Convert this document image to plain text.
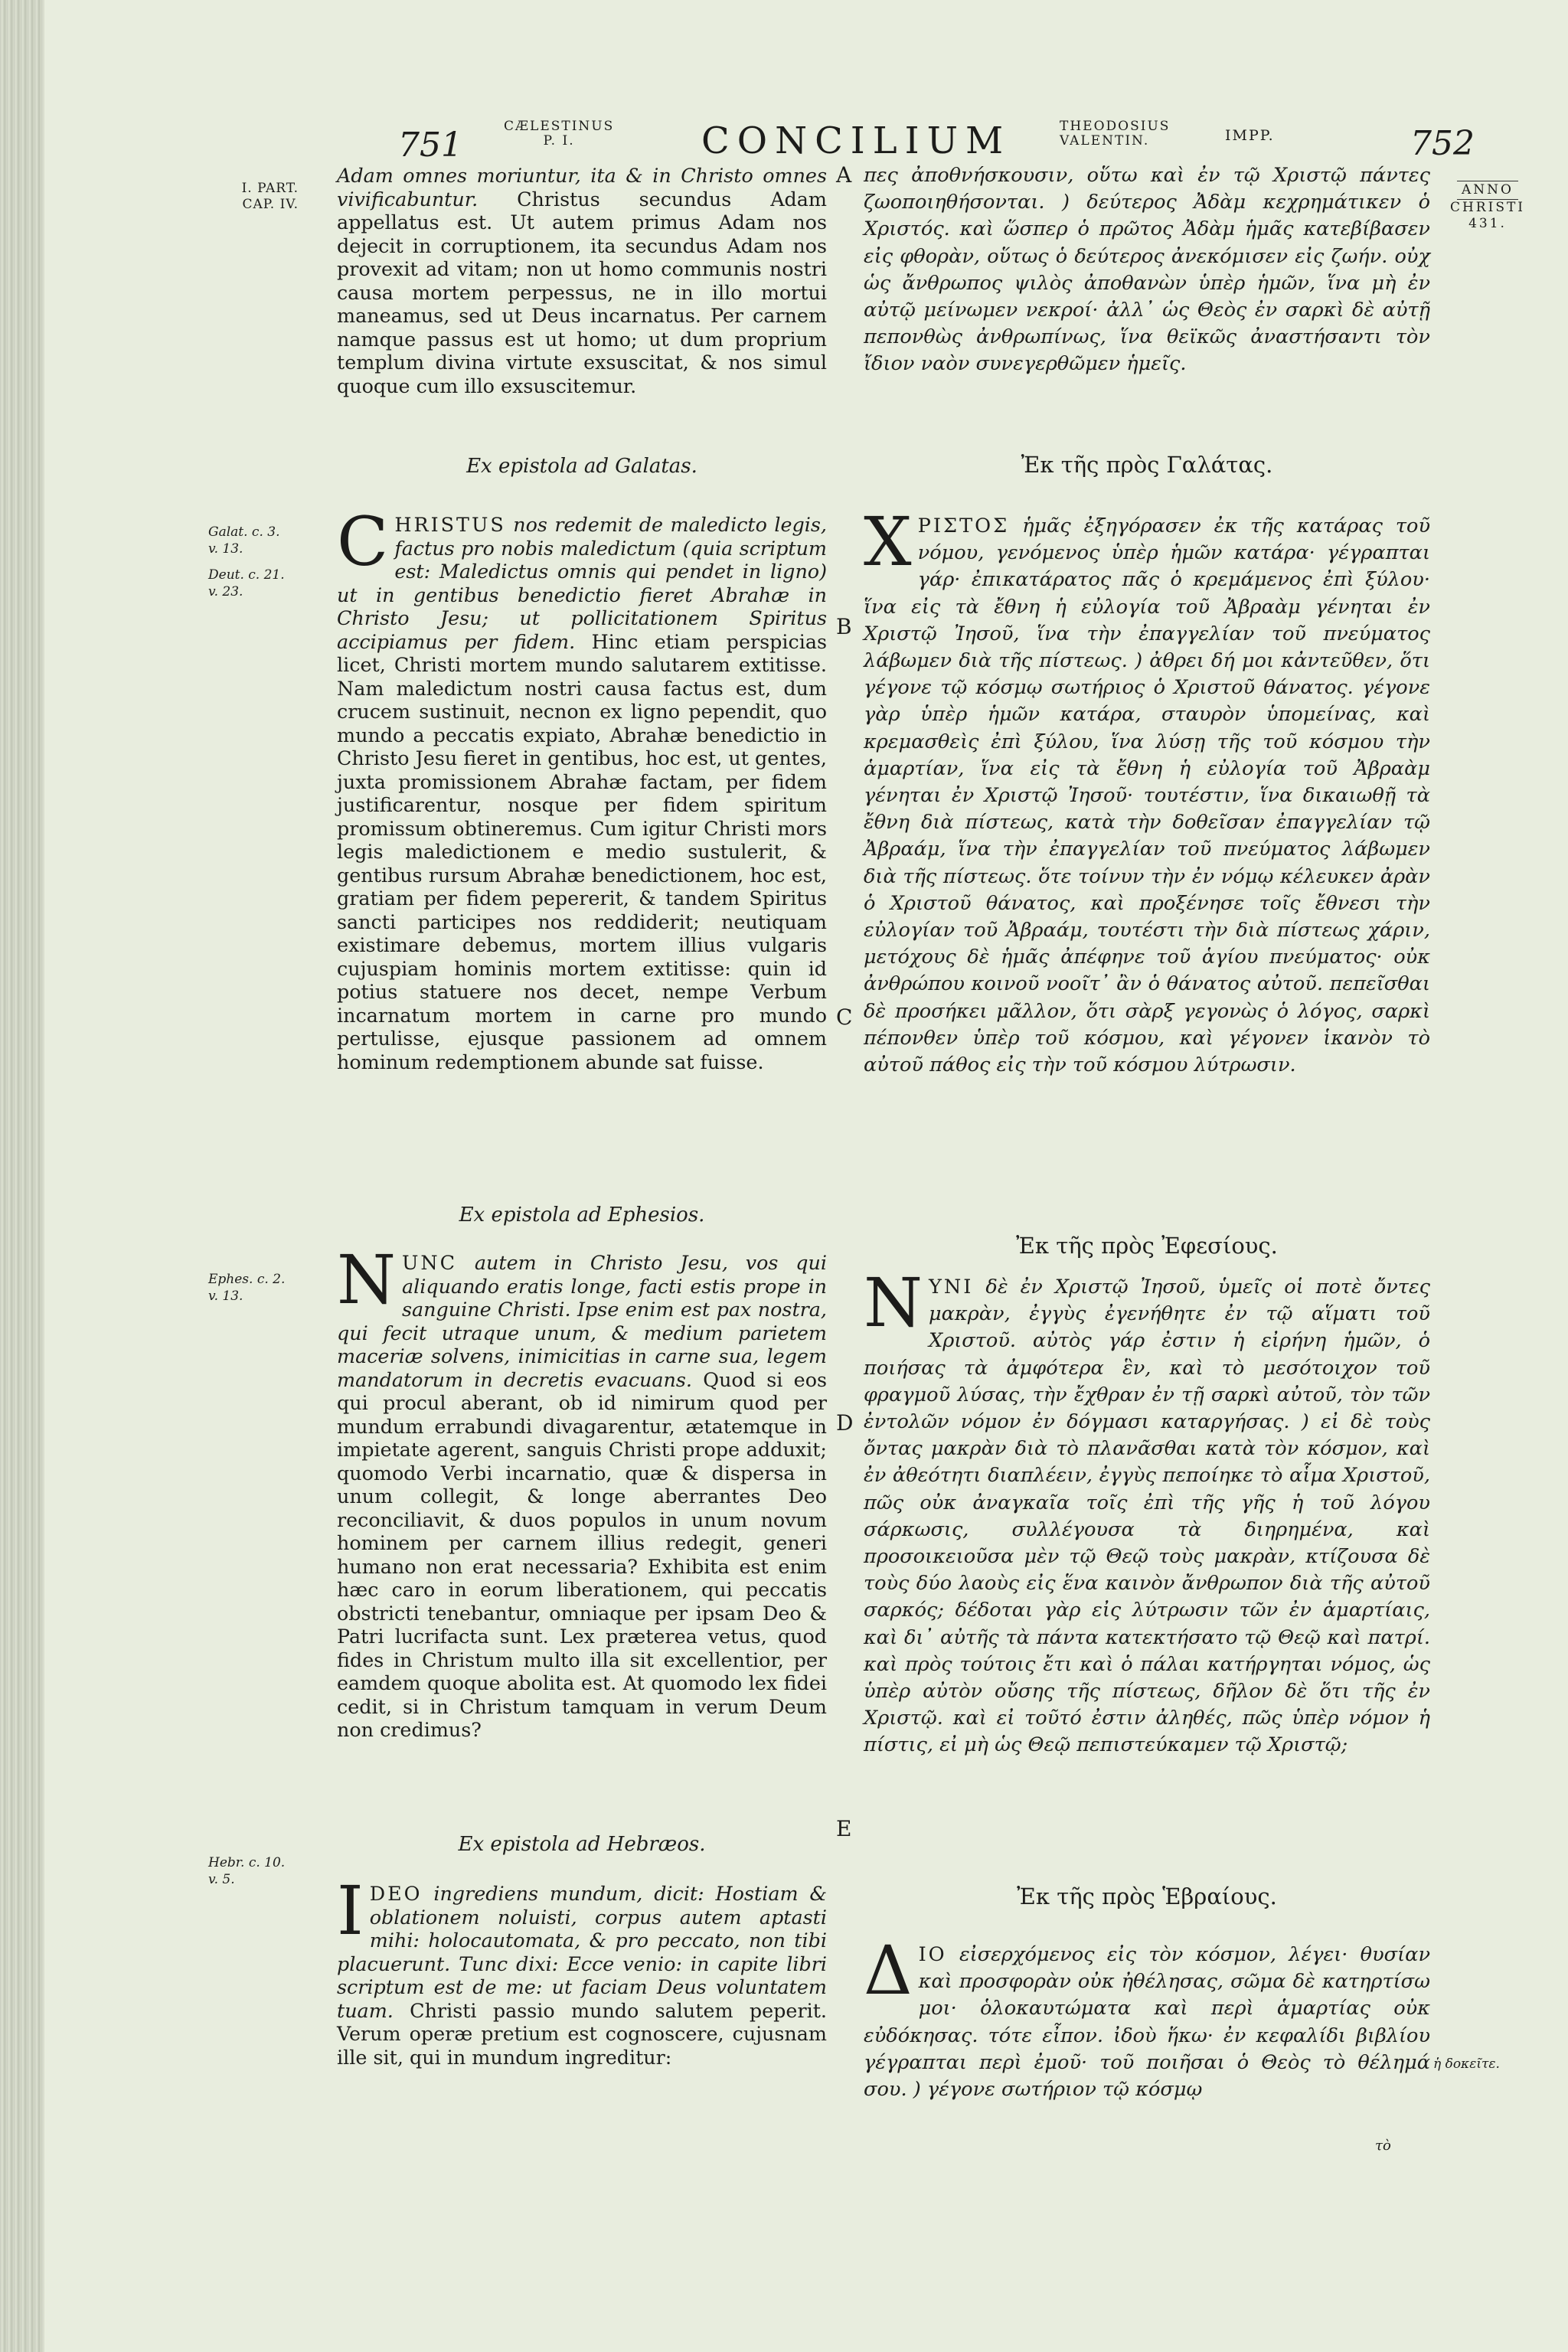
751	CÆLESTINUS
P. I.	CONCILIUM	THEODOSIUS
VALENTIN.	IMPP.	752
I. PART.
CAP. IV.
Galat. c. 3.
v. 13.
Deut. c. 21.
v. 23.
Ephes. c. 2.
v. 13.
Hebr. c. 10.
v. 5.
ANNO
CHRISTI
431.
ἡ δοκεῖτε.
A
B
C
D
E
Adam omnes moriuntur, ita & in Christo omnes vivificabuntur. Christus secundus Adam appellatus est. Ut autem primus Adam nos dejecit in corruptionem, ita secundus Adam nos provexit ad vitam; non ut homo communis nostri causa mortem perpessus, ne in illo mortui maneamus, sed ut Deus incarnatus. Per carnem namque passus est ut homo; ut dum proprium templum divina virtute exsuscitat, & nos simul quoque cum illo exsuscitemur.
Ex epistola ad Galatas.
C HRISTUS nos redemit de maledicto legis, factus pro nobis maledictum (quia scriptum est: Maledictus omnis qui pendet in ligno) ut in gentibus benedictio fieret Abrahæ in Christo Jesu; ut pollicitationem Spiritus accipiamus per fidem. Hinc etiam perspicias licet, Christi mortem mundo salutarem extitisse. Nam maledictum nostri causa factus est, dum crucem sustinuit, necnon ex ligno pependit, quo mundo a peccatis expiato, Abrahæ benedictio in Christo Jesu fieret in gentibus, hoc est, ut gentes, juxta promissionem Abrahæ factam, per fidem justificarentur, nosque per fidem spiritum promissum obtineremus. Cum igitur Christi mors legis maledictionem e medio sustulerit, & gentibus rursum Abrahæ benedictionem, hoc est, gratiam per fidem pepererit, & tandem Spiritus sancti participes nos reddiderit; neutiquam existimare debemus, mortem illius vulgaris cujuspiam hominis mortem extitisse: quin id potius statuere nos decet, nempe Verbum incarnatum mortem in carne pro mundo pertulisse, ejusque passionem ad omnem hominum redemptionem abunde sat fuisse.
Ex epistola ad Ephesios.
N UNC autem in Christo Jesu, vos qui aliquando eratis longe, facti estis prope in sanguine Christi. Ipse enim est pax nostra, qui fecit utraque unum, & medium parietem maceriæ solvens, inimicitias in carne sua, legem mandatorum in decretis evacuans. Quod si eos qui procul aberant, ob id nimirum quod per mundum errabundi divagarentur, ætatemque in impietate agerent, sanguis Christi prope adduxit; quomodo Verbi incarnatio, quæ & dispersa in unum collegit, & longe aberrantes Deo reconciliavit, & duos populos in unum novum hominem per carnem illius redegit, generi humano non erat necessaria? Exhibita est enim hæc caro in eorum liberationem, qui peccatis obstricti tenebantur, omniaque per ipsam Deo & Patri lucrifacta sunt. Lex præterea vetus, quod fides in Christum multo illa sit excellentior, per eamdem quoque abolita est. At quomodo lex fidei cedit, si in Christum tamquam in verum Deum non credimus?
Ex epistola ad Hebræos.
I DEO ingrediens mundum, dicit: Hostiam & oblationem noluisti, corpus autem aptasti mihi: holocautomata, & pro peccato, non tibi placuerunt. Tunc dixi: Ecce venio: in capite libri scriptum est de me: ut faciam Deus voluntatem tuam. Christi passio mundo salutem peperit. Verum operæ pretium est cognoscere, cujusnam ille sit, qui in mundum ingreditur:
πες ἀποθνήσκουσιν, οὕτω καὶ ἐν τῷ Χριστῷ πάντες ζωοποιηθήσονται. ) δεύτερος Ἀδὰμ κεχρημάτικεν ὁ Χριστός. καὶ ὥσπερ ὁ πρῶτος Ἀδὰμ ἡμᾶς κατεβίβασεν εἰς φθορὰν, οὕτως ὁ δεύτερος ἀνεκόμισεν εἰς ζωήν. οὐχ ὡς ἄνθρωπος ψιλὸς ἀποθανὼν ὑπὲρ ἡμῶν, ἵνα μὴ ἐν αὐτῷ μείνωμεν νεκροί· ἀλλ᾽ ὡς Θεὸς ἐν σαρκὶ δὲ αὐτῇ πεπονθὼς ἀνθρωπίνως, ἵνα θεϊκῶς ἀναστήσαντι τὸν ἴδιον ναὸν συνεγερθῶμεν ἡμεῖς.
Ἐκ τῆς πρὸς Γαλάτας.
Χ ΡΙΣΤΟΣ ἡμᾶς ἐξηγόρασεν ἐκ τῆς κατάρας τοῦ νόμου, γενόμενος ὑπὲρ ἡμῶν κατάρα· γέγραπται γάρ· ἐπικατάρατος πᾶς ὁ κρεμάμενος ἐπὶ ξύλου· ἵνα εἰς τὰ ἔθνη ἡ εὐλογία τοῦ Ἀβραὰμ γένηται ἐν Χριστῷ Ἰησοῦ, ἵνα τὴν ἐπαγγελίαν τοῦ πνεύματος λάβωμεν διὰ τῆς πίστεως. ) ἀθρει δή μοι κἀντεῦθεν, ὅτι γέγονε τῷ κόσμῳ σωτήριος ὁ Χριστοῦ θάνατος. γέγονε γὰρ ὑπὲρ ἡμῶν κατάρα, σταυρὸν ὑπομείνας, καὶ κρεμασθεὶς ἐπὶ ξύλου, ἵνα λύσῃ τῆς τοῦ κόσμου τὴν ἁμαρτίαν, ἵνα εἰς τὰ ἔθνη ἡ εὐλογία τοῦ Ἀβραὰμ γένηται ἐν Χριστῷ Ἰησοῦ· τουτέστιν, ἵνα δικαιωθῇ τὰ ἔθνη διὰ πίστεως, κατὰ τὴν δοθεῖσαν ἐπαγγελίαν τῷ Ἀβραάμ, ἵνα τὴν ἐπαγγελίαν τοῦ πνεύματος λάβωμεν διὰ τῆς πίστεως. ὅτε τοίνυν τὴν ἐν νόμῳ κέλευκεν ἀρὰν ὁ Χριστοῦ θάνατος, καὶ προξένησε τοῖς ἔθνεσι τὴν εὐλογίαν τοῦ Ἀβραάμ, τουτέστι τὴν διὰ πίστεως χάριν, μετόχους δὲ ἡμᾶς ἀπέφηνε τοῦ ἁγίου πνεύματος· οὐκ ἀνθρώπου κοινοῦ νοοῖτ᾽ ἂν ὁ θάνατος αὐτοῦ. πεπεῖσθαι δὲ προσήκει μᾶλλον, ὅτι σὰρξ γεγονὼς ὁ λόγος, σαρκὶ πέπονθεν ὑπὲρ τοῦ κόσμου, καὶ γέγονεν ἱκανὸν τὸ αὐτοῦ πάθος εἰς τὴν τοῦ κόσμου λύτρωσιν.
Ἐκ τῆς πρὸς Ἐφεσίους.
Ν ΥΝΙ δὲ ἐν Χριστῷ Ἰησοῦ, ὑμεῖς οἱ ποτὲ ὄντες μακρὰν, ἐγγὺς ἐγενήθητε ἐν τῷ αἵματι τοῦ Χριστοῦ. αὐτὸς γάρ ἐστιν ἡ εἰρήνη ἡμῶν, ὁ ποιήσας τὰ ἀμφότερα ἓν, καὶ τὸ μεσότοιχον τοῦ φραγμοῦ λύσας, τὴν ἔχθραν ἐν τῇ σαρκὶ αὐτοῦ, τὸν τῶν ἐντολῶν νόμον ἐν δόγμασι καταργήσας. ) εἰ δὲ τοὺς ὄντας μακρὰν διὰ τὸ πλανᾶσθαι κατὰ τὸν κόσμον, καὶ ἐν ἀθεότητι διαπλέειν, ἐγγὺς πεποίηκε τὸ αἷμα Χριστοῦ, πῶς οὐκ ἀναγκαῖα τοῖς ἐπὶ τῆς γῆς ἡ τοῦ λόγου σάρκωσις, συλλέγουσα τὰ διηρημένα, καὶ προσοικειοῦσα μὲν τῷ Θεῷ τοὺς μακρὰν, κτίζουσα δὲ τοὺς δύο λαοὺς εἰς ἕνα καινὸν ἄνθρωπον διὰ τῆς αὐτοῦ σαρκός; δέδοται γὰρ εἰς λύτρωσιν τῶν ἐν ἁμαρτίαις, καὶ δι᾽ αὐτῆς τὰ πάντα κατεκτήσατο τῷ Θεῷ καὶ πατρί. καὶ πρὸς τούτοις ἔτι καὶ ὁ πάλαι κατήργηται νόμος, ὡς ὑπὲρ αὐτὸν οὔσης τῆς πίστεως, δῆλον δὲ ὅτι τῆς ἐν Χριστῷ. καὶ εἰ τοῦτό ἐστιν ἀληθές, πῶς ὑπὲρ νόμον ἡ πίστις, εἰ μὴ ὡς Θεῷ πεπιστεύκαμεν τῷ Χριστῷ;
Ἐκ τῆς πρὸς Ἑβραίους.
Δ ΙΟ εἰσερχόμενος εἰς τὸν κόσμον, λέγει· θυσίαν καὶ προσφορὰν οὐκ ἠθέλησας, σῶμα δὲ κατηρτίσω μοι· ὁλοκαυτώματα καὶ περὶ ἁμαρτίας οὐκ εὐδόκησας. τότε εἶπον. ἰδοὺ ἥκω· ἐν κεφαλίδι βιβλίου γέγραπται περὶ ἐμοῦ· τοῦ ποιῆσαι ὁ Θεὸς τὸ θέλημά σου. ) γέγονε σωτήριον τῷ κόσμῳ
τὸ
